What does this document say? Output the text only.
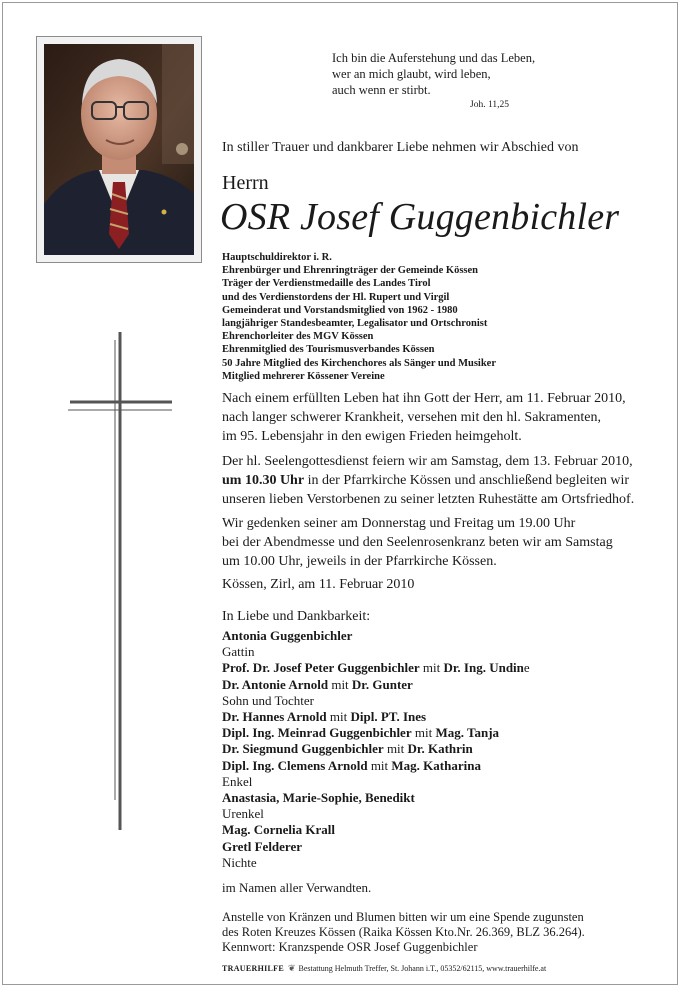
Ich bin die Auferstehung und das Leben,
wer an mich glaubt, wird leben,
auch wenn er stirbt.
Joh. 11,25
In stiller Trauer und dankbarer Liebe nehmen wir Abschied von
Herrn
OSR Josef Guggenbichler
Hauptschuldirektor i. R.
Ehrenbürger und Ehrenringträger der Gemeinde Kössen
Träger der Verdienstmedaille des Landes Tirol
und des Verdienstordens der Hl. Rupert und Virgil
Gemeinderat und Vorstandsmitglied von 1962 - 1980
langjähriger Standesbeamter, Legalisator und Ortschronist
Ehrenchorleiter des MGV Kössen
Ehrenmitglied des Tourismusverbandes Kössen
50 Jahre Mitglied des Kirchenchores als Sänger und Musiker
Mitglied mehrerer Kössener Vereine
Nach einem erfüllten Leben hat ihn Gott der Herr, am 11. Februar 2010,
nach langer schwerer Krankheit, versehen mit den hl. Sakramenten,
im 95. Lebensjahr in den ewigen Frieden heimgeholt.
Der hl. Seelengottesdienst feiern wir am Samstag, dem 13. Februar 2010,
um 10.30 Uhr in der Pfarrkirche Kössen und anschließend begleiten wir
unseren lieben Verstorbenen zu seiner letzten Ruhestätte am Ortsfriedhof.
Wir gedenken seiner am Donnerstag und Freitag um 19.00 Uhr
bei der Abendmesse und den Seelenrosenkranz beten wir am Samstag
um 10.00 Uhr, jeweils in der Pfarrkirche Kössen.
Kössen, Zirl, am 11. Februar 2010
In Liebe und Dankbarkeit:
Antonia Guggenbichler
Gattin
Prof. Dr. Josef Peter Guggenbichler mit Dr. Ing. Undine
Dr. Antonie Arnold mit Dr. Gunter
Sohn und Tochter
Dr. Hannes Arnold mit Dipl. PT. Ines
Dipl. Ing. Meinrad Guggenbichler mit Mag. Tanja
Dr. Siegmund Guggenbichler mit Dr. Kathrin
Dipl. Ing. Clemens Arnold mit Mag. Katharina
Enkel
Anastasia, Marie-Sophie, Benedikt
Urenkel
Mag. Cornelia Krall
Gretl Felderer
Nichte
im Namen aller Verwandten.
Anstelle von Kränzen und Blumen bitten wir um eine Spende zugunsten
des Roten Kreuzes Kössen (Raika Kössen Kto.Nr. 26.369, BLZ 36.264).
Kennwort: Kranzspende OSR Josef Guggenbichler
TRAUERHILFE ❦ Bestattung Helmuth Treffer, St. Johann i.T., 05352/62115, www.trauerhilfe.at
